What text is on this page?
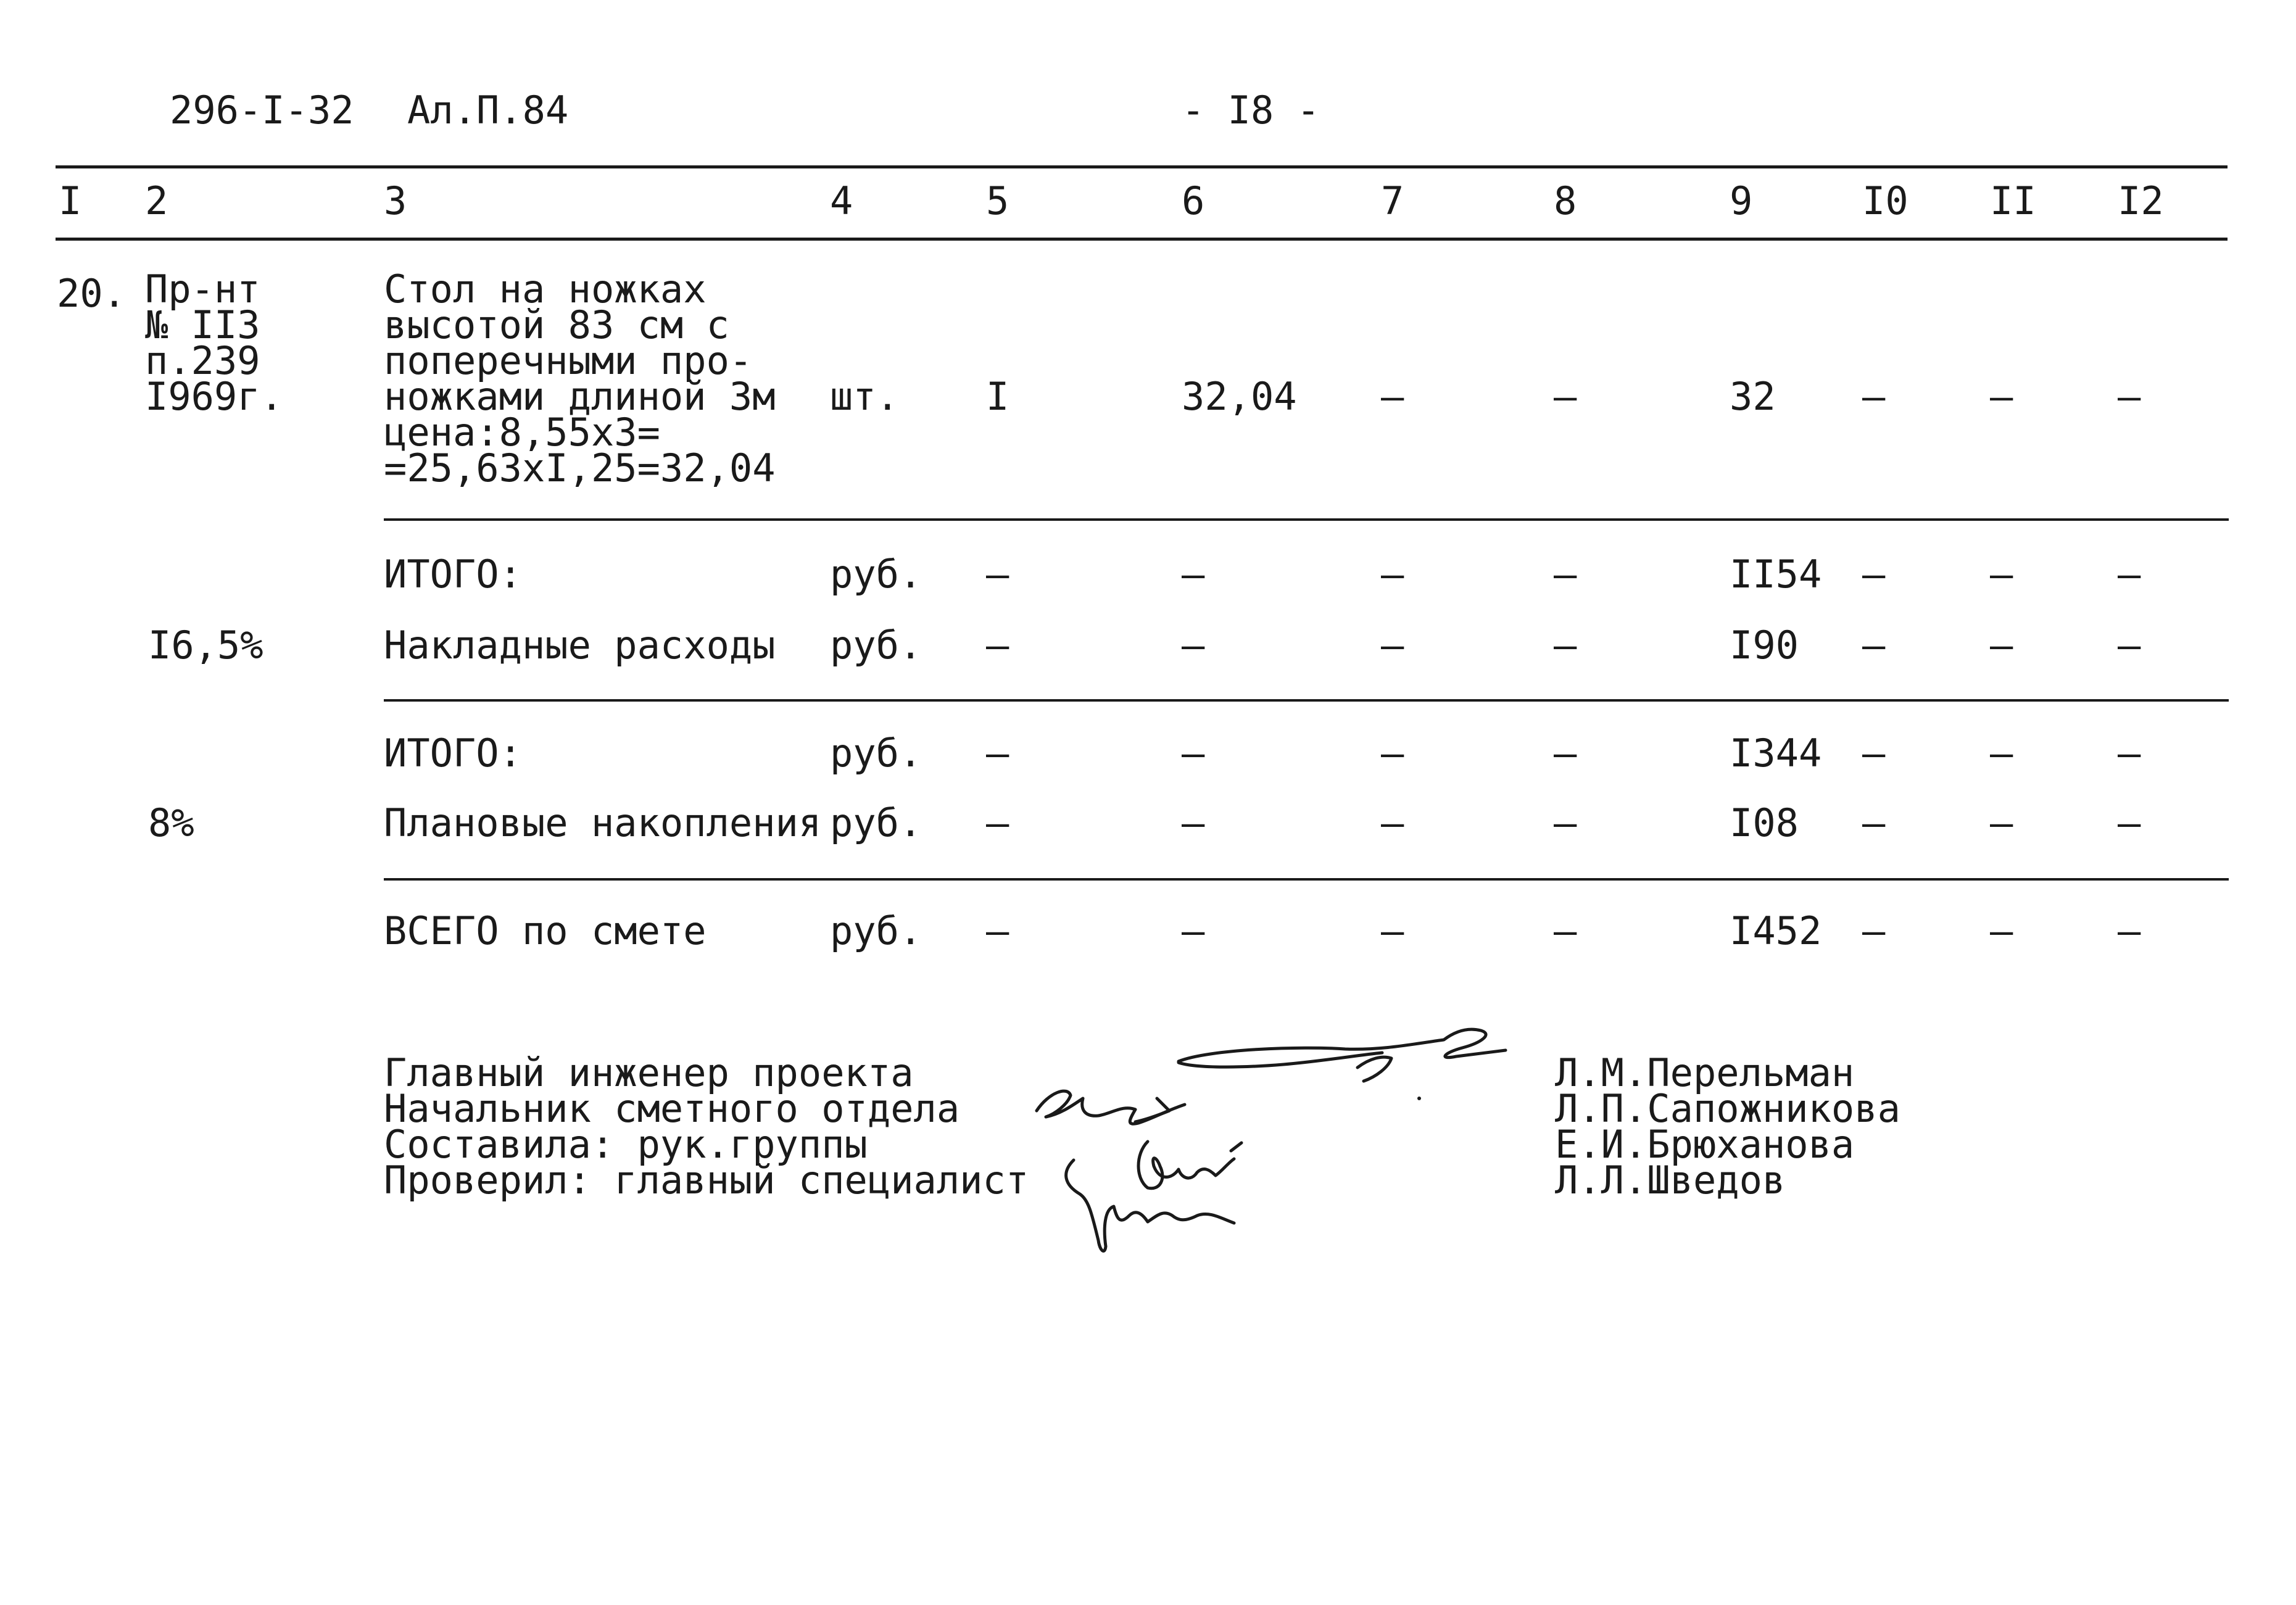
296-I-32 Ал.П.84	- I8 -
I 2	3	4	5	6	7	8	9	I0 II I2
20. Пр-нт
№ II3
п.239
I969г.
Стол на ножках
высотой 83 см с
поперечными про-
ножками длиной 3м
цена:8,55х3=
=25,63хI,25=32,04
шт. I	32,04 –	–	32 –	–	–
ИТОГО:	руб. –	–	–	–	II54 –	–	–
I6,5%	Накладные расходы руб. –	–	–	–	I90 –	–	–
ИТОГО:	руб. –	–	–	–	I344 –	–	–
8%	Плановые накопления руб. –	–	–	–	I08 –	–	–
ВСЕГО по смете	руб. –	–	–	–	I452 –	–	–
Главный инженер проекта
Начальник сметного отдела
Составила: рук.группы
Проверил: главный специалист
Л.М.Перельман
Л.П.Сапожникова
Е.И.Брюханова
Л.Л.Шведов
